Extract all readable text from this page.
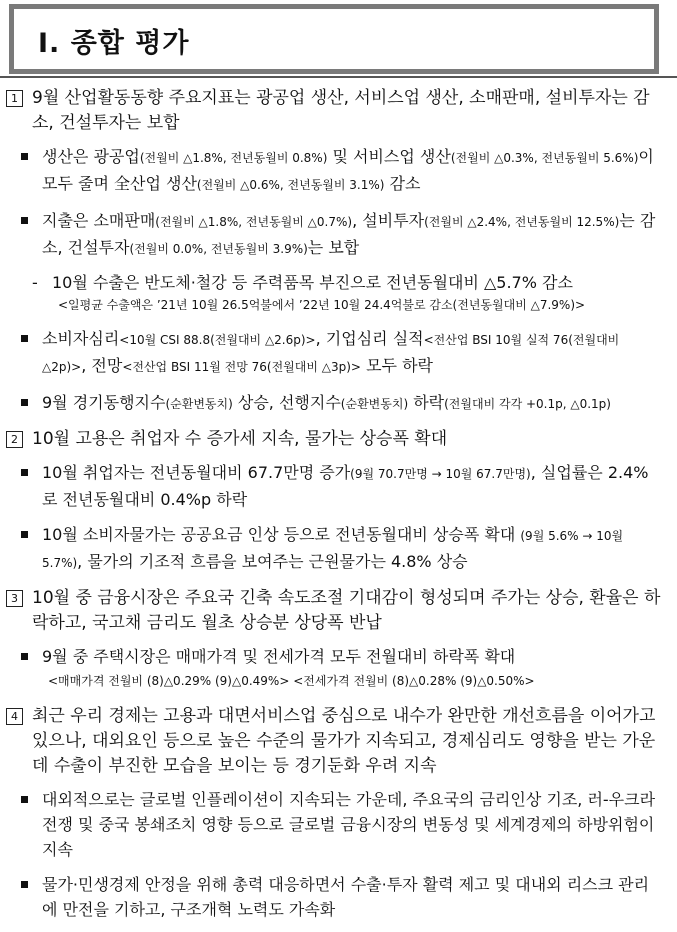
Ⅰ. 종합 평가
1 9월 산업활동동향 주요지표는 광공업 생산, 서비스업 생산, 소매판매, 설비투자는 감소, 건설투자는 보합
생산은 광공업(전월비 △1.8%, 전년동월비 0.8%) 및 서비스업 생산(전월비 △0.3%, 전년동월비 5.6%)이 모두 줄며 全산업 생산(전월비 △0.6%, 전년동월비 3.1%) 감소
지출은 소매판매(전월비 △1.8%, 전년동월비 △0.7%), 설비투자(전월비 △2.4%, 전년동월비 12.5%)는 감소, 건설투자(전월비 0.0%, 전년동월비 3.9%)는 보합
- 10월 수출은 반도체·철강 등 주력품목 부진으로 전년동월대비 △5.7% 감소
<일평균 수출액은 ’21년 10월 26.5억불에서 ’22년 10월 24.4억불로 감소(전년동월대비 △7.9%)>
소비자심리<10월 CSI 88.8(전월대비 △2.6p)>, 기업심리 실적<전산업 BSI 10월 실적 76(전월대비 △2p)>, 전망<전산업 BSI 11월 전망 76(전월대비 △3p)> 모두 하락
9월 경기동행지수(순환변동치) 상승, 선행지수(순환변동치) 하락(전월대비 각각 +0.1p, △0.1p)
2 10월 고용은 취업자 수 증가세 지속, 물가는 상승폭 확대
10월 취업자는 전년동월대비 67.7만명 증가(9월 70.7만명 → 10월 67.7만명), 실업률은 2.4%로 전년동월대비 0.4%p 하락
10월 소비자물가는 공공요금 인상 등으로 전년동월대비 상승폭 확대 (9월 5.6% → 10월 5.7%), 물가의 기조적 흐름을 보여주는 근원물가는 4.8% 상승
3 10월 중 금융시장은 주요국 긴축 속도조절 기대감이 형성되며 주가는 상승, 환율은 하락하고, 국고채 금리도 월초 상승분 상당폭 반납
9월 중 주택시장은 매매가격 및 전세가격 모두 전월대비 하락폭 확대
<매매가격 전월비 (8)△0.29% (9)△0.49%> <전세가격 전월비 (8)△0.28% (9)△0.50%>
4 최근 우리 경제는 고용과 대면서비스업 중심으로 내수가 완만한 개선흐름을 이어가고 있으나, 대외요인 등으로 높은 수준의 물가가 지속되고, 경제심리도 영향을 받는 가운데 수출이 부진한 모습을 보이는 등 경기둔화 우려 지속
대외적으로는 글로벌 인플레이션이 지속되는 가운데, 주요국의 금리인상 기조, 러-우크라 전쟁 및 중국 봉쇄조치 영향 등으로 글로벌 금융시장의 변동성 및 세계경제의 하방위험이 지속
물가·민생경제 안정을 위해 총력 대응하면서 수출·투자 활력 제고 및 대내외 리스크 관리에 만전을 기하고, 구조개혁 노력도 가속화
